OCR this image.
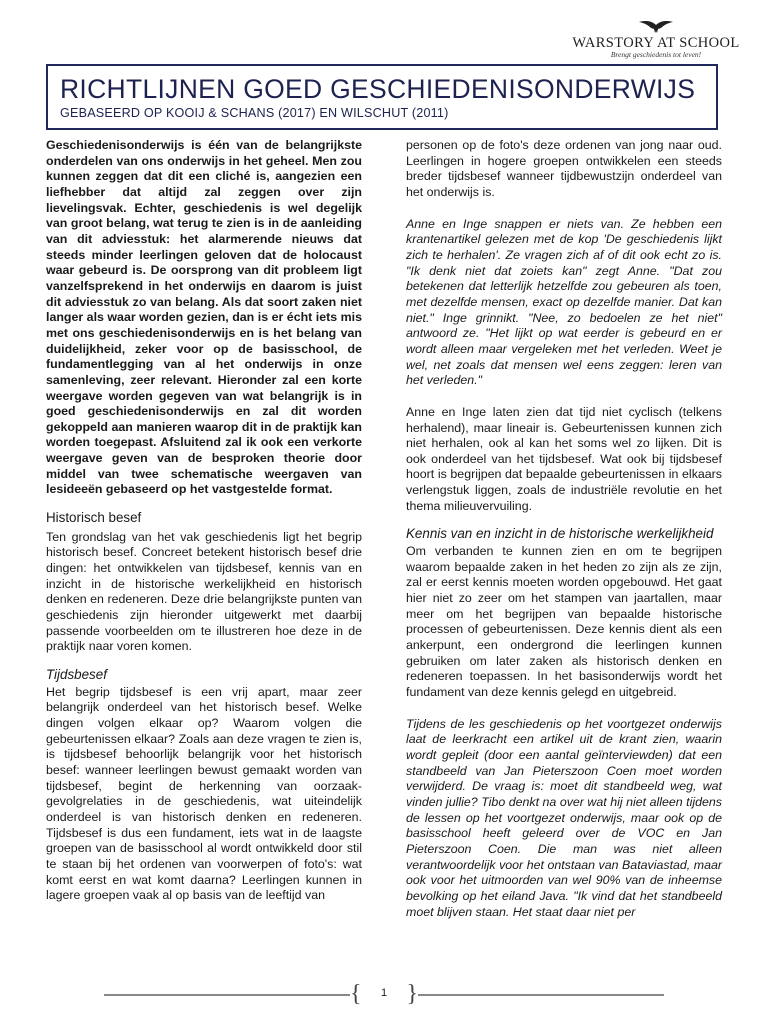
WARSTORY AT SCHOOL
Brengt geschiedenis tot leven!
RICHTLIJNEN GOED GESCHIEDENISONDERWIJS
GEBASEERD OP KOOIJ & SCHANS (2017) EN WILSCHUT (2011)

Geschiedenisonderwijs is één van de belangrijkste onderdelen van ons onderwijs in het geheel. Men zou kunnen zeggen dat dit een cliché is, aangezien een liefhebber dat altijd zal zeggen over zijn lievelingsvak. Echter, geschiedenis is wel degelijk van groot belang, wat terug te zien is in de aanleiding van dit adviesstuk: het alarmerende nieuws dat steeds minder leerlingen geloven dat de holocaust waar gebeurd is. De oorsprong van dit probleem ligt vanzelfsprekend in het onderwijs en daarom is juist dit adviesstuk zo van belang. Als dat soort zaken niet langer als waar worden gezien, dan is er écht iets mis met ons geschiedenisonderwijs en is het belang van duidelijkheid, zeker voor op de basisschool, de fundamentlegging van al het onderwijs in onze samenleving, zeer relevant. Hieronder zal een korte weergave worden gegeven van wat belangrijk is in goed geschiedenisonderwijs en zal dit worden gekoppeld aan manieren waarop dit in de praktijk kan worden toegepast. Afsluitend zal ik ook een verkorte weergave geven van de besproken theorie door middel van twee schematische weergaven van lesideeën gebaseerd op het vastgestelde format.

Historisch besef

Ten grondslag van het vak geschiedenis ligt het begrip historisch besef. Concreet betekent historisch besef drie dingen: het ontwikkelen van tijdsbesef, kennis van en inzicht in de historische werkelijkheid en historisch denken en redeneren. Deze drie belangrijkste punten van geschiedenis zijn hieronder uitgewerkt met daarbij passende voorbeelden om te illustreren hoe deze in de praktijk naar voren komen.

Tijdsbesef

Het begrip tijdsbesef is een vrij apart, maar zeer belangrijk onderdeel van het historisch besef. Welke dingen volgen elkaar op? Waarom volgen die gebeurtenissen elkaar? Zoals aan deze vragen te zien is, is tijdsbesef behoorlijk belangrijk voor het historisch besef: wanneer leerlingen bewust gemaakt worden van tijdsbesef, begint de herkenning van oorzaak-gevolgrelaties in de geschiedenis, wat uiteindelijk onderdeel is van historisch denken en redeneren. Tijdsbesef is dus een fundament, iets wat in de laagste groepen van de basisschool al wordt ontwikkeld door stil te staan bij het ordenen van voorwerpen of foto's: wat komt eerst en wat komt daarna? Leerlingen kunnen in lagere groepen vaak al op basis van de leeftijd van

personen op de foto's deze ordenen van jong naar oud. Leerlingen in hogere groepen ontwikkelen een steeds breder tijdsbesef wanneer tijdbewustzijn onderdeel van het onderwijs is.

Anne en Inge snappen er niets van. Ze hebben een krantenartikel gelezen met de kop 'De geschiedenis lijkt zich te herhalen'. Ze vragen zich af of dit ook echt zo is. "Ik denk niet dat zoiets kan" zegt Anne. "Dat zou betekenen dat letterlijk hetzelfde zou gebeuren als toen, met dezelfde mensen, exact op dezelfde manier. Dat kan niet." Inge grinnikt. "Nee, zo bedoelen ze het niet" antwoord ze. "Het lijkt op wat eerder is gebeurd en er wordt alleen maar vergeleken met het verleden. Weet je wel, net zoals dat mensen wel eens zeggen: leren van het verleden."

Anne en Inge laten zien dat tijd niet cyclisch (telkens herhalend), maar lineair is. Gebeurtenissen kunnen zich niet herhalen, ook al kan het soms wel zo lijken. Dit is ook onderdeel van het tijdsbesef. Wat ook bij tijdsbesef hoort is begrijpen dat bepaalde gebeurtenissen in elkaars verlengstuk liggen, zoals de industriële revolutie en het thema milieuvervuiling.

Kennis van en inzicht in de historische werkelijkheid

Om verbanden te kunnen zien en om te begrijpen waarom bepaalde zaken in het heden zo zijn als ze zijn, zal er eerst kennis moeten worden opgebouwd. Het gaat hier niet zo zeer om het stampen van jaartallen, maar meer om het begrijpen van bepaalde historische processen of gebeurtenissen. Deze kennis dient als een ankerpunt, een ondergrond die leerlingen kunnen gebruiken om later zaken als historisch denken en redeneren toepassen. In het basisonderwijs wordt het fundament van deze kennis gelegd en uitgebreid.

Tijdens de les geschiedenis op het voortgezet onderwijs laat de leerkracht een artikel uit de krant zien, waarin wordt gepleit (door een aantal geïnterviewden) dat een standbeeld van Jan Pieterszoon Coen moet worden verwijderd. De vraag is: moet dit standbeeld weg, wat vinden jullie? Tibo denkt na over wat hij niet alleen tijdens de lessen op het voortgezet onderwijs, maar ook op de basisschool heeft geleerd over de VOC en Jan Pieterszoon Coen. Die man was niet alleen verantwoordelijk voor het ontstaan van Bataviastad, maar ook voor het uitmoorden van wel 90% van de inheemse bevolking op het eiland Java. "Ik vind dat het standbeeld moet blijven staan. Het staat daar niet per

{	1 }
